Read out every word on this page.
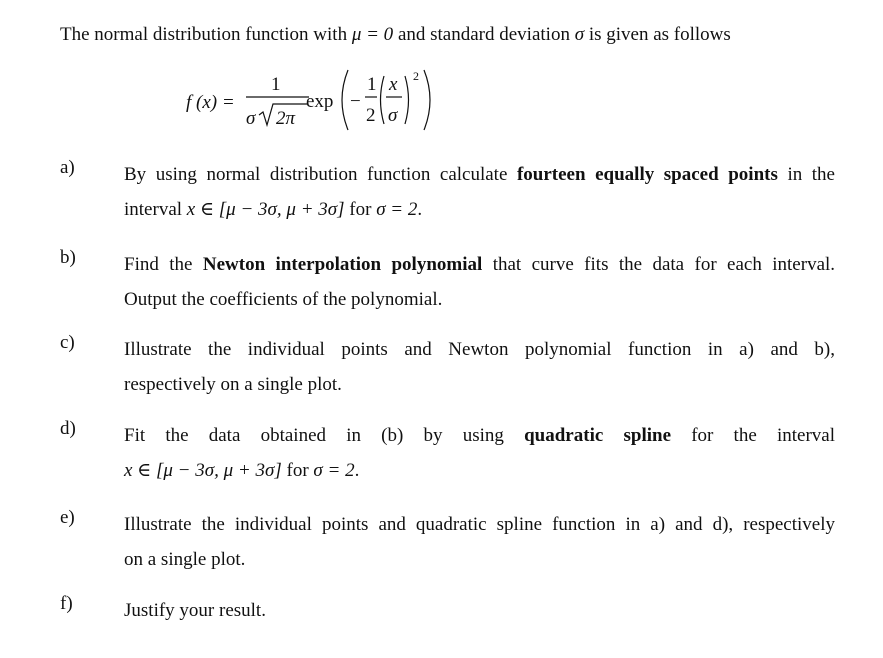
The normal distribution function with μ = 0 and standard deviation σ is given as follows
f (x) =
1
σ 2π
exp −
1
2
x
σ
2
a)	By using normal distribution function calculate fourteen equally spaced points in the
interval x ∈ [μ − 3σ, μ + 3σ] for σ = 2.
b)	Find the Newton interpolation polynomial that curve fits the data for each interval.
Output the coefficients of the polynomial.
c)	Illustrate the individual points and Newton polynomial function in a) and b),
respectively on a single plot.
d)	Fit the data obtained in (b) by using quadratic spline for the interval
x ∈ [μ − 3σ, μ + 3σ] for σ = 2.
e)	Illustrate the individual points and quadratic spline function in a) and d), respectively
on a single plot.
f)	Justify your result.
